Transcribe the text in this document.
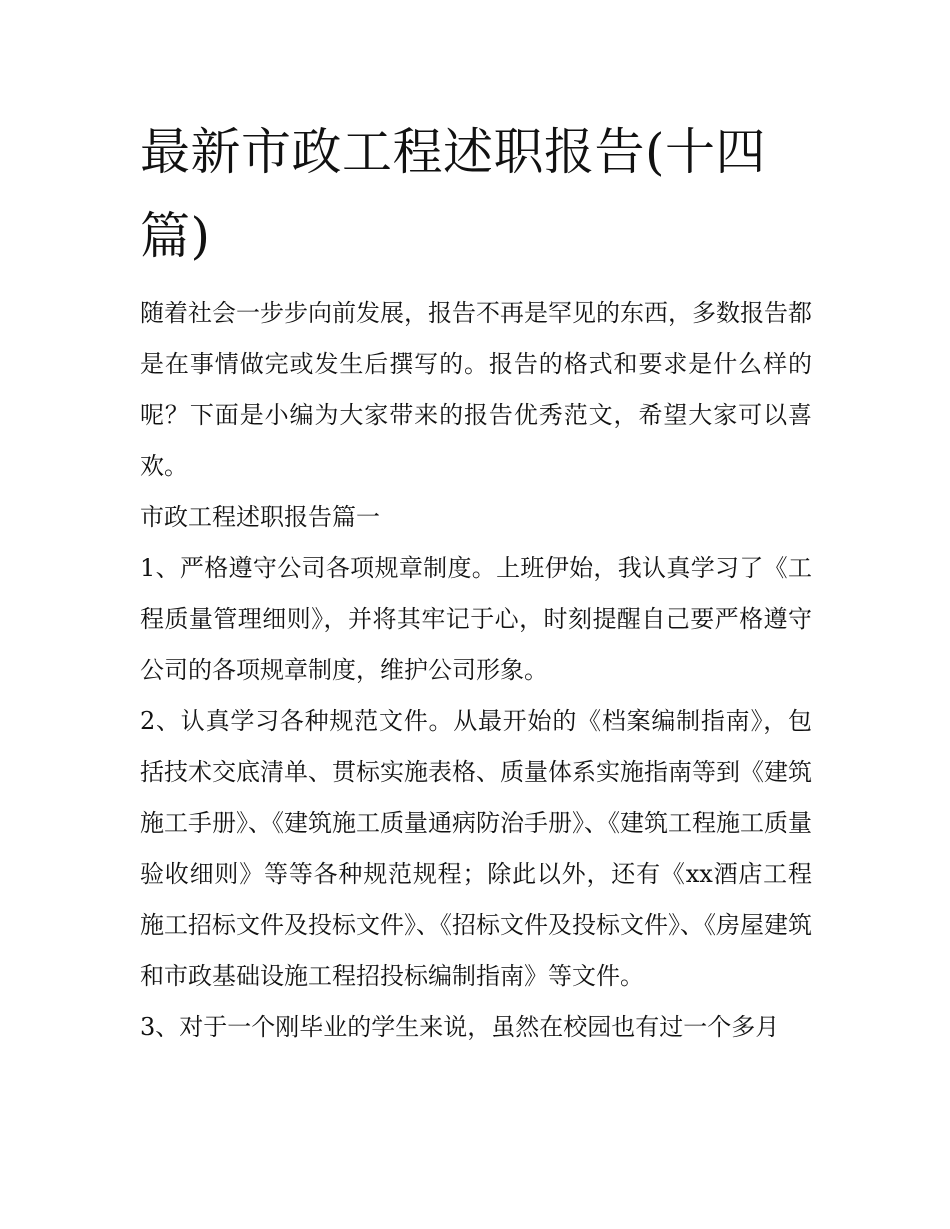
最新市政工程述职报告(十四篇)

随着社会一步步向前发展，报告不再是罕见的东西，多数报告都是在事情做完或发生后撰写的。报告的格式和要求是什么样的呢？下面是小编为大家带来的报告优秀范文，希望大家可以喜欢。

市政工程述职报告篇一

1、严格遵守公司各项规章制度。上班伊始，我认真学习了《工程质量管理细则》，并将其牢记于心，时刻提醒自己要严格遵守公司的各项规章制度，维护公司形象。

2、认真学习各种规范文件。从最开始的《档案编制指南》，包括技术交底清单、贯标实施表格、质量体系实施指南等到《建筑施工手册》、《建筑施工质量通病防治手册》、《建筑工程施工质量验收细则》等等各种规范规程；除此以外，还有《xx酒店工程施工招标文件及投标文件》、《招标文件及投标文件》、《房屋建筑和市政基础设施工程招投标编制指南》等文件。

3、对于一个刚毕业的学生来说，虽然在校园也有过一个多月
